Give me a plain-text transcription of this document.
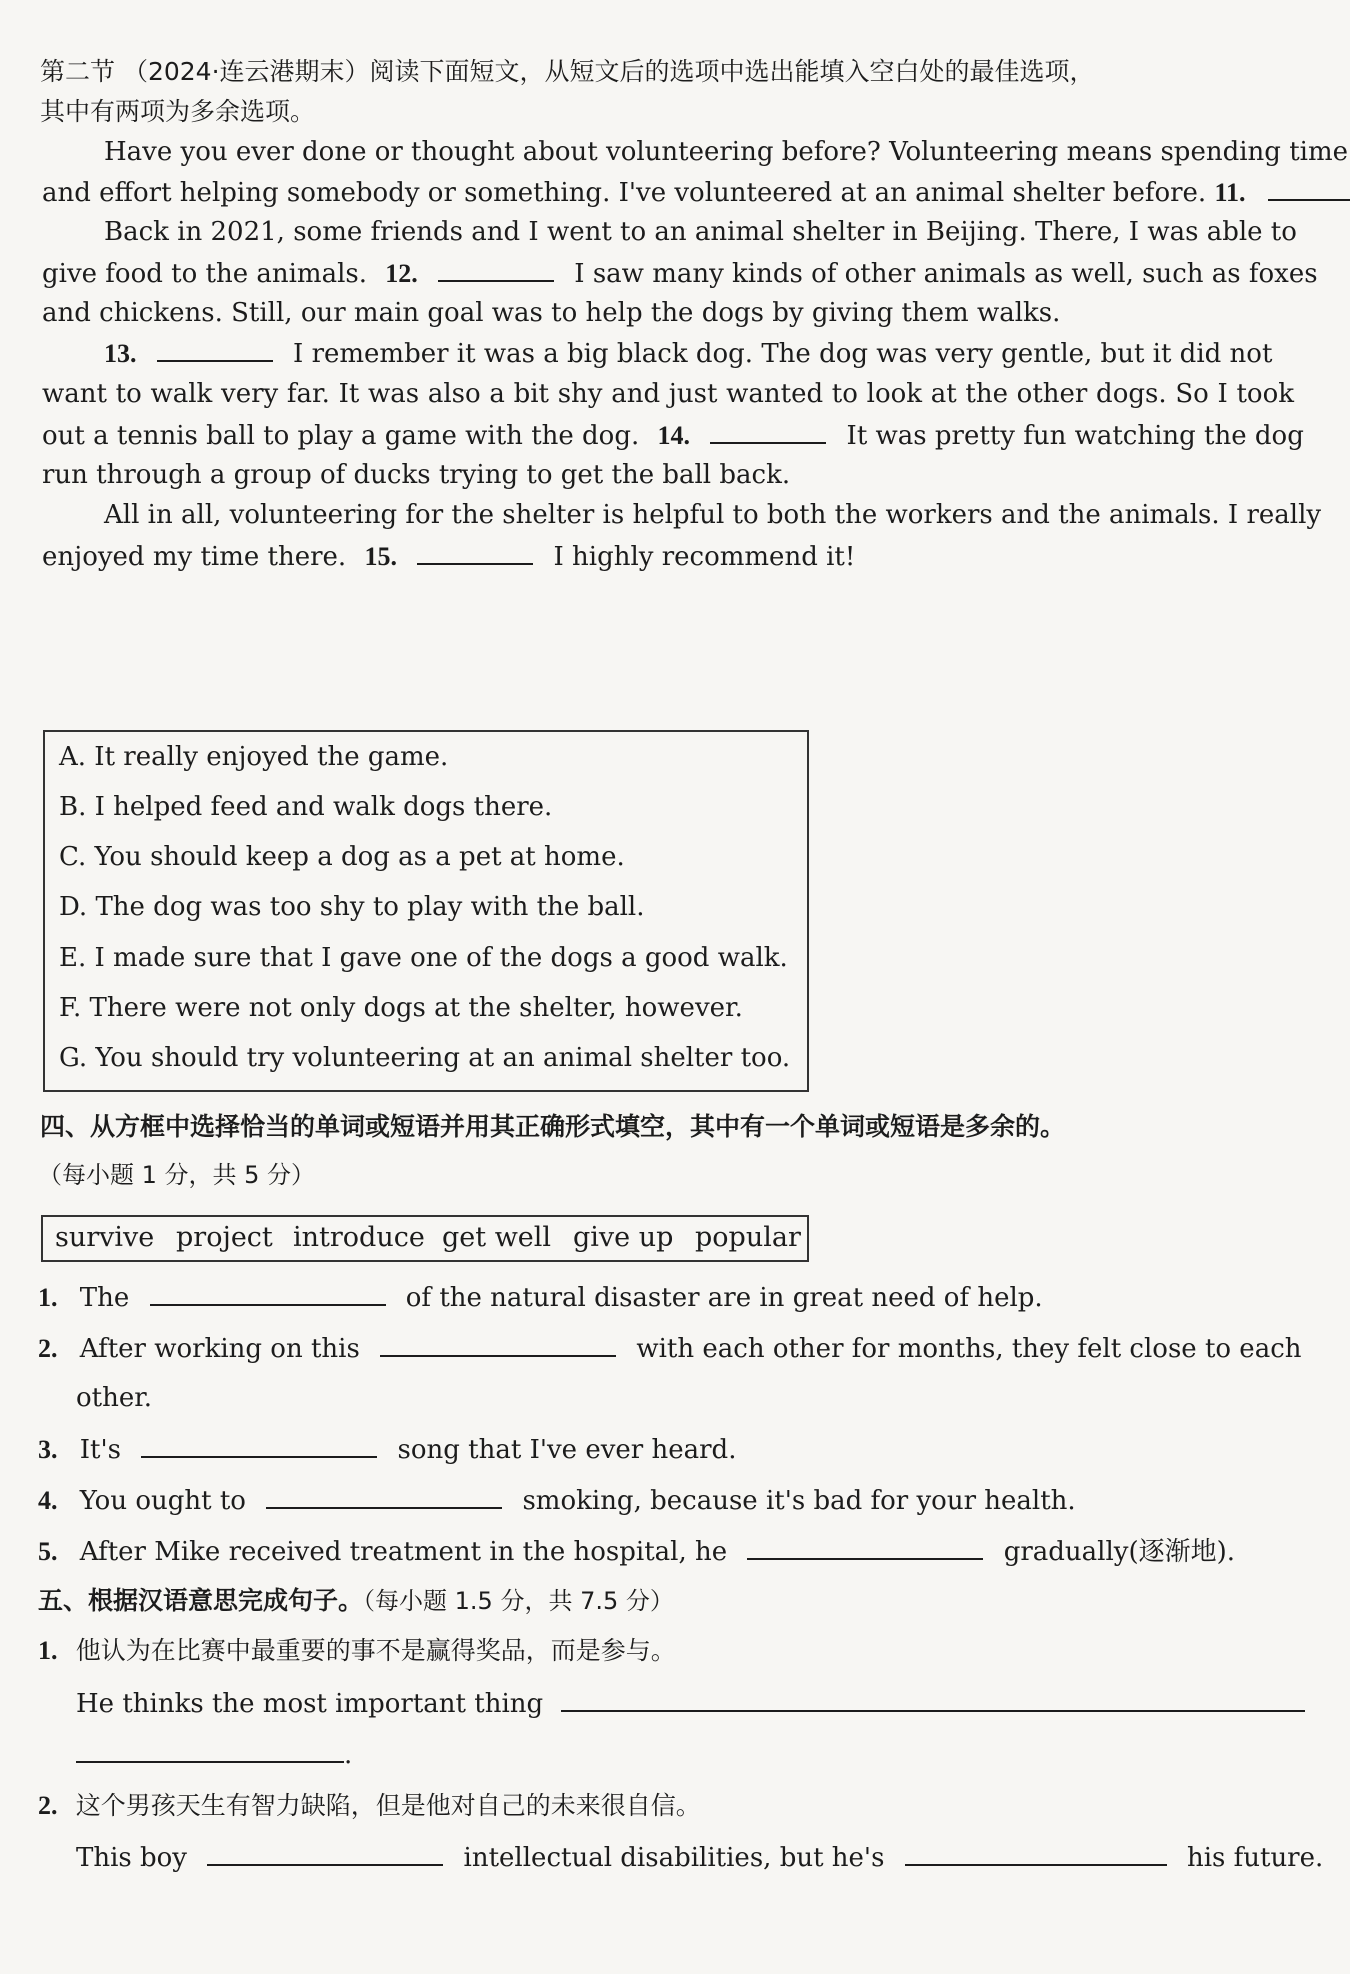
第二节 （2024·连云港期末）阅读下面短文，从短文后的选项中选出能填入空白处的最佳选项，
其中有两项为多余选项。
Have you ever done or thought about volunteering before? Volunteering means spending time
and effort helping somebody or something. I've volunteered at an animal shelter before. 11.
Back in 2021, some friends and I went to an animal shelter in Beijing. There, I was able to
give food to the animals. 12.	I saw many kinds of other animals as well, such as foxes
and chickens. Still, our main goal was to help the dogs by giving them walks.
13.	I remember it was a big black dog. The dog was very gentle, but it did not
want to walk very far. It was also a bit shy and just wanted to look at the other dogs. So I took
out a tennis ball to play a game with the dog. 14.	It was pretty fun watching the dog
run through a group of ducks trying to get the ball back.
All in all, volunteering for the shelter is helpful to both the workers and the animals. I really
enjoyed my time there. 15.	I highly recommend it!
A. It really enjoyed the game.
B. I helped feed and walk dogs there.
C. You should keep a dog as a pet at home.
D. The dog was too shy to play with the ball.
E. I made sure that I gave one of the dogs a good walk.
F. There were not only dogs at the shelter, however.
G. You should try volunteering at an animal shelter too.
四、从方框中选择恰当的单词或短语并用其正确形式填空，其中有一个单词或短语是多余的。
（每小题 1 分，共 5 分）
survive project introduce get well give up popular
1. The	of the natural disaster are in great need of help.
2. After working on this	with each other for months, they felt close to each
other.
3. It's	song that I've ever heard.
4. You ought to	smoking, because it's bad for your health.
5. After Mike received treatment in the hospital, he	gradually(逐渐地).
五、根据汉语意思完成句子。（每小题 1.5 分，共 7.5 分）
1. 他认为在比赛中最重要的事不是赢得奖品，而是参与。
He thinks the most important thing
.
2. 这个男孩天生有智力缺陷，但是他对自己的未来很自信。
This boy	intellectual disabilities, but he's	his future.
